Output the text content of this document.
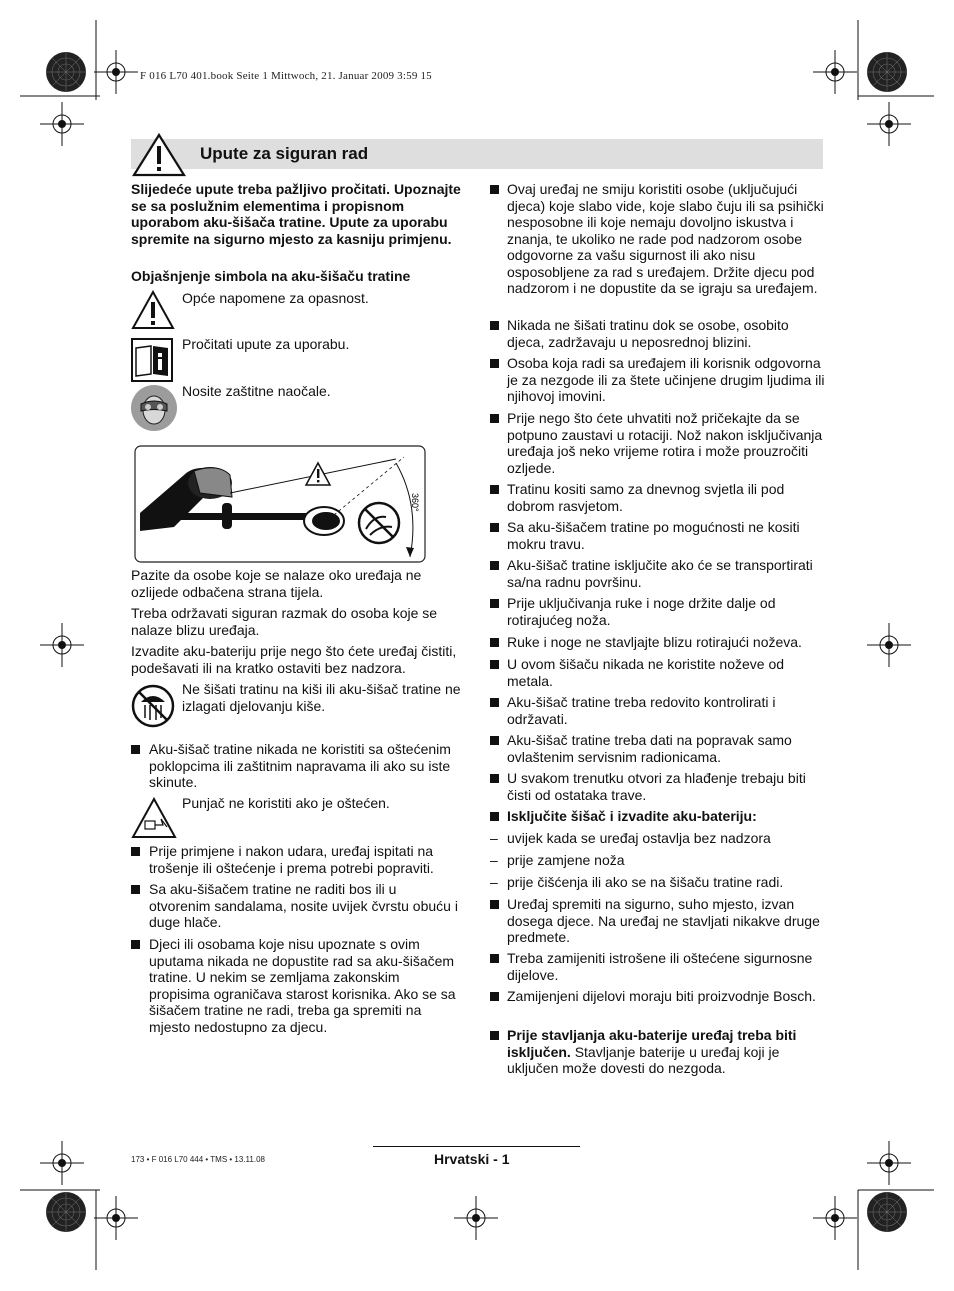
F 016 L70 401.book Seite 1 Mittwoch, 21. Januar 2009 3:59 15
Upute za siguran rad
Slijedeće upute treba pažljivo pročitati. Upoznajte se sa poslužnim elementima i propisnom uporabom aku-šišača tratine. Upute za uporabu spremite na sigurno mjesto za kasniju primjenu.
Objašnjenje simbola na aku-šišaču tratine
Opće napomene za opasnost.
Pročitati upute za uporabu.
Nosite zaštitne naočale.
360°
Pazite da osobe koje se nalaze oko uređaja ne ozlijede odbačena strana tijela.
Treba održavati siguran razmak do osoba koje se nalaze blizu uređaja.
Izvadite aku-bateriju prije nego što ćete uređaj čistiti, podešavati ili na kratko ostaviti bez nadzora.
Ne šišati tratinu na kiši ili aku-šišač tratine ne izlagati djelovanju kiše.
Aku-šišač tratine nikada ne koristiti sa oštećenim poklopcima ili zaštitnim napravama ili ako su iste skinute.
Punjač ne koristiti ako je oštećen.
Prije primjene i nakon udara, uređaj ispitati na trošenje ili oštećenje i prema potrebi popraviti.
Sa aku-šišačem tratine ne raditi bos ili u otvorenim sandalama, nosite uvijek čvrstu obuću i duge hlače.
Djeci ili osobama koje nisu upoznate s ovim uputama nikada ne dopustite rad sa aku-šišačem tratine. U nekim se zemljama zakonskim propisima ograničava starost korisnika. Ako se sa šišačem tratine ne radi, treba ga spremiti na mjesto nedostupno za djecu.
Ovaj uređaj ne smiju koristiti osobe (uključujući djeca) koje slabo vide, koje slabo čuju ili sa psihički nesposobne ili koje nemaju dovoljno iskustva i znanja, te ukoliko ne rade pod nadzorom osobe odgovorne za vašu sigurnost ili ako nisu osposobljene za rad s uređajem. Držite djecu pod nadzorom i ne dopustite da se igraju sa uređajem.
Nikada ne šišati tratinu dok se osobe, osobito djeca, zadržavaju u neposrednoj blizini.
Osoba koja radi sa uređajem ili korisnik odgovorna je za nezgode ili za štete učinjene drugim ljudima ili njihovoj imovini.
Prije nego što ćete uhvatiti nož pričekajte da se potpuno zaustavi u rotaciji. Nož nakon isključivanja uređaja još neko vrijeme rotira i može prouzročiti ozljede.
Tratinu kositi samo za dnevnog svjetla ili pod dobrom rasvjetom.
Sa aku-šišačem tratine po mogućnosti ne kositi mokru travu.
Aku-šišač tratine isključite ako će se transportirati sa/na radnu površinu.
Prije uključivanja ruke i noge držite dalje od rotirajućeg noža.
Ruke i noge ne stavljajte blizu rotirajući noževa.
U ovom šišaču nikada ne koristite noževe od metala.
Aku-šišač tratine treba redovito kontrolirati i održavati.
Aku-šišač tratine treba dati na popravak samo ovlaštenim servisnim radionicama.
U svakom trenutku otvori za hlađenje trebaju biti čisti od ostataka trave.
Isključite šišač i izvadite aku-bateriju:
– uvijek kada se uređaj ostavlja bez nadzora
– prije zamjene noža
– prije čišćenja ili ako se na šišaču tratine radi.
Uređaj spremiti na sigurno, suho mjesto, izvan dosega djece. Na uređaj ne stavljati nikakve druge predmete.
Treba zamijeniti istrošene ili oštećene sigurnosne dijelove.
Zamijenjeni dijelovi moraju biti proizvodnje Bosch.
Prije stavljanja aku-baterije uređaj treba biti isključen. Stavljanje baterije u uređaj koji je uključen može dovesti do nezgoda.
173 • F 016 L70 444 • TMS • 13.11.08	Hrvatski - 1
